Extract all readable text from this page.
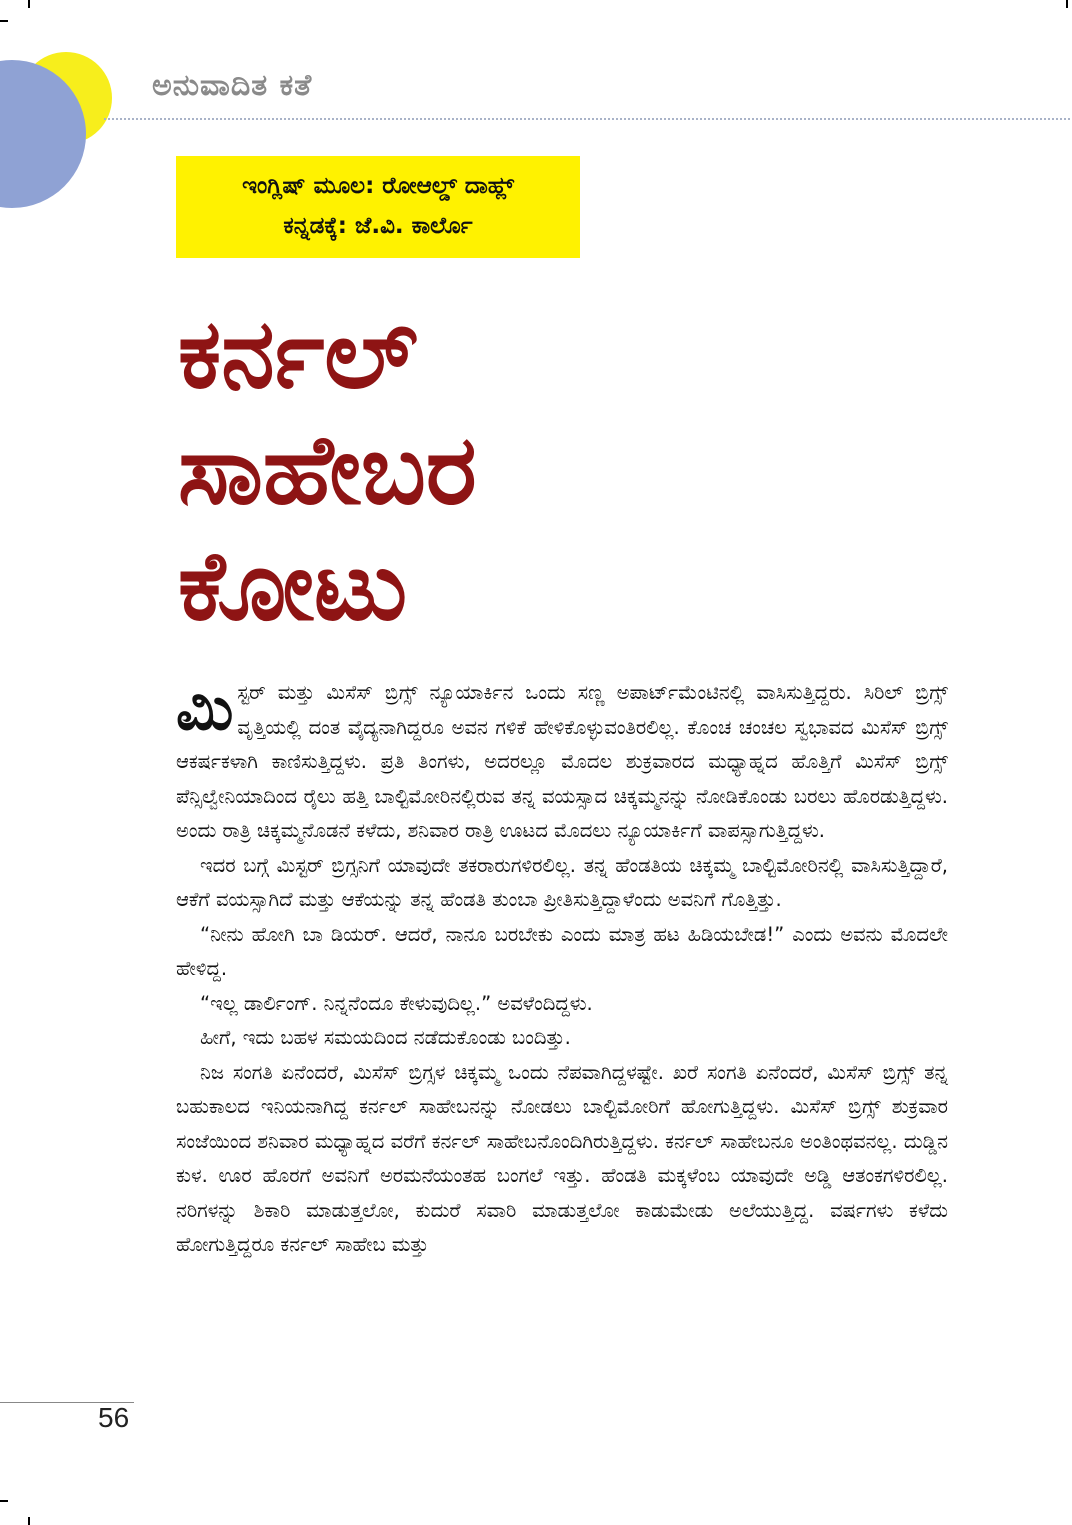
ಅನುವಾದಿತ ಕತೆ
ಇಂಗ್ಲಿಷ್ ಮೂಲ: ರೋಆಲ್ಡ್ ದಾಹ್ಲ್
ಕನ್ನಡಕ್ಕೆ: ಜೆ.ವಿ. ಕಾರ್ಲೊ
ಕರ್ನಲ್
ಸಾಹೇಬರ
ಕೋಟು

ಮಿಸ್ಟರ್ ಮತ್ತು ಮಿಸೆಸ್ ಬ್ರಿಗ್ಸ್ ನ್ಯೂಯಾರ್ಕಿನ ಒಂದು ಸಣ್ಣ ಅಪಾರ್ಟ್‌ಮೆಂಟಿನಲ್ಲಿ ವಾಸಿಸುತ್ತಿದ್ದರು. ಸಿರಿಲ್ ಬ್ರಿಗ್ಸ್ ವೃತ್ತಿಯಲ್ಲಿ ದಂತ ವೈದ್ಯನಾಗಿದ್ದರೂ ಅವನ ಗಳಿಕೆ ಹೇಳಿಕೊಳ್ಳುವಂತಿರಲಿಲ್ಲ. ಕೊಂಚ ಚಂಚಲ ಸ್ವಭಾವದ ಮಿಸೆಸ್ ಬ್ರಿಗ್ಸ್ ಆಕರ್ಷಕಳಾಗಿ ಕಾಣಿಸುತ್ತಿದ್ದಳು. ಪ್ರತಿ ತಿಂಗಳು, ಅದರಲ್ಲೂ ಮೊದಲ ಶುಕ್ರವಾರದ ಮಧ್ಯಾಹ್ನದ ಹೊತ್ತಿಗೆ ಮಿಸೆಸ್ ಬ್ರಿಗ್ಸ್ ಪೆನ್ಸಿಲ್ವೇನಿಯಾದಿಂದ ರೈಲು ಹತ್ತಿ ಬಾಲ್ಟಿಮೋರಿನಲ್ಲಿರುವ ತನ್ನ ವಯಸ್ಸಾದ ಚಿಕ್ಕಮ್ಮನನ್ನು ನೋಡಿಕೊಂಡು ಬರಲು ಹೊರಡುತ್ತಿದ್ದಳು. ಅಂದು ರಾತ್ರಿ ಚಿಕ್ಕಮ್ಮನೊಡನೆ ಕಳೆದು, ಶನಿವಾರ ರಾತ್ರಿ ಊಟದ ಮೊದಲು ನ್ಯೂಯಾರ್ಕಿಗೆ ವಾಪಸ್ಸಾಗುತ್ತಿದ್ದಳು.

ಇದರ ಬಗ್ಗೆ ಮಿಸ್ಟರ್ ಬ್ರಿಗ್ಸನಿಗೆ ಯಾವುದೇ ತಕರಾರುಗಳಿರಲಿಲ್ಲ. ತನ್ನ ಹೆಂಡತಿಯ ಚಿಕ್ಕಮ್ಮ ಬಾಲ್ಟಿಮೋರಿನಲ್ಲಿ ವಾಸಿಸುತ್ತಿದ್ದಾರೆ, ಆಕೆಗೆ ವಯಸ್ಸಾಗಿದೆ ಮತ್ತು ಆಕೆಯನ್ನು ತನ್ನ ಹೆಂಡತಿ ತುಂಬಾ ಪ್ರೀತಿಸುತ್ತಿದ್ದಾಳೆಂದು ಅವನಿಗೆ ಗೊತ್ತಿತ್ತು.

“ನೀನು ಹೋಗಿ ಬಾ ಡಿಯರ್. ಆದರೆ, ನಾನೂ ಬರಬೇಕು ಎಂದು ಮಾತ್ರ ಹಟ ಹಿಡಿಯಬೇಡ!” ಎಂದು ಅವನು ಮೊದಲೇ ಹೇಳಿದ್ದ.

“ಇಲ್ಲ ಡಾರ್ಲಿಂಗ್. ನಿನ್ನನೆಂದೂ ಕೇಳುವುದಿಲ್ಲ.” ಅವಳೆಂದಿದ್ದಳು.

ಹೀಗೆ, ಇದು ಬಹಳ ಸಮಯದಿಂದ ನಡೆದುಕೊಂಡು ಬಂದಿತ್ತು.

ನಿಜ ಸಂಗತಿ ಏನೆಂದರೆ, ಮಿಸೆಸ್ ಬ್ರಿಗ್ಸಳ ಚಿಕ್ಕಮ್ಮ ಒಂದು ನೆಪವಾಗಿದ್ದಳಷ್ಟೇ. ಖರೆ ಸಂಗತಿ ಏನೆಂದರೆ, ಮಿಸೆಸ್ ಬ್ರಿಗ್ಸ್ ತನ್ನ ಬಹುಕಾಲದ ಇನಿಯನಾಗಿದ್ದ ಕರ್ನಲ್ ಸಾಹೇಬನನ್ನು ನೋಡಲು ಬಾಲ್ಟಿಮೋರಿಗೆ ಹೋಗುತ್ತಿದ್ದಳು. ಮಿಸೆಸ್ ಬ್ರಿಗ್ಸ್ ಶುಕ್ರವಾರ ಸಂಜೆಯಿಂದ ಶನಿವಾರ ಮಧ್ಯಾಹ್ನದ ವರೆಗೆ ಕರ್ನಲ್ ಸಾಹೇಬನೊಂದಿಗಿರುತ್ತಿದ್ದಳು. ಕರ್ನಲ್ ಸಾಹೇಬನೂ ಅಂತಿಂಥವನಲ್ಲ. ದುಡ್ಡಿನ ಕುಳ. ಊರ ಹೊರಗೆ ಅವನಿಗೆ ಅರಮನೆಯಂತಹ ಬಂಗಲೆ ಇತ್ತು. ಹೆಂಡತಿ ಮಕ್ಕಳೆಂಬ ಯಾವುದೇ ಅಡ್ಡಿ ಆತಂಕಗಳಿರಲಿಲ್ಲ. ನರಿಗಳನ್ನು ಶಿಕಾರಿ ಮಾಡುತ್ತಲೋ, ಕುದುರೆ ಸವಾರಿ ಮಾಡುತ್ತಲೋ ಕಾಡುಮೇಡು ಅಲೆಯುತ್ತಿದ್ದ. ವರ್ಷಗಳು ಕಳೆದು ಹೋಗುತ್ತಿದ್ದರೂ ಕರ್ನಲ್ ಸಾಹೇಬ ಮತ್ತು

56
